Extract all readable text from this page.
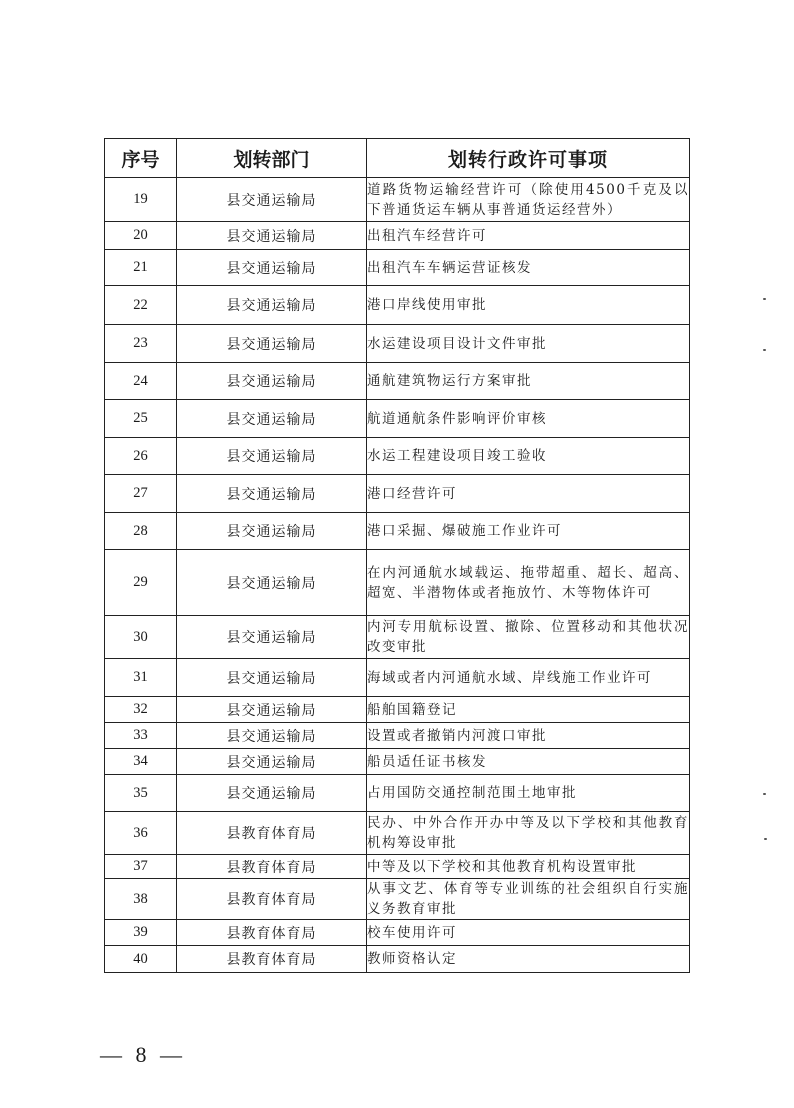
序号	划转部门	划转行政许可事项
19	县交通运输局	道路货物运输经营许可（除使用4500千克及以下普通货运车辆从事普通货运经营外）
20	县交通运输局	出租汽车经营许可
21	县交通运输局	出租汽车车辆运营证核发
22	县交通运输局	港口岸线使用审批
23	县交通运输局	水运建设项目设计文件审批
24	县交通运输局	通航建筑物运行方案审批
25	县交通运输局	航道通航条件影响评价审核
26	县交通运输局	水运工程建设项目竣工验收
27	县交通运输局	港口经营许可
28	县交通运输局	港口采掘、爆破施工作业许可
29	县交通运输局	在内河通航水域载运、拖带超重、超长、超高、超宽、半潜物体或者拖放竹、木等物体许可
30	县交通运输局	内河专用航标设置、撤除、位置移动和其他状况改变审批
31	县交通运输局	海域或者内河通航水域、岸线施工作业许可
32	县交通运输局	船舶国籍登记
33	县交通运输局	设置或者撤销内河渡口审批
34	县交通运输局	船员适任证书核发
35	县交通运输局	占用国防交通控制范围土地审批
36	县教育体育局	民办、中外合作开办中等及以下学校和其他教育机构筹设审批
37	县教育体育局	中等及以下学校和其他教育机构设置审批
38	县教育体育局	从事文艺、体育等专业训练的社会组织自行实施义务教育审批
39	县教育体育局	校车使用许可
40	县教育体育局	教师资格认定
— 8 —
